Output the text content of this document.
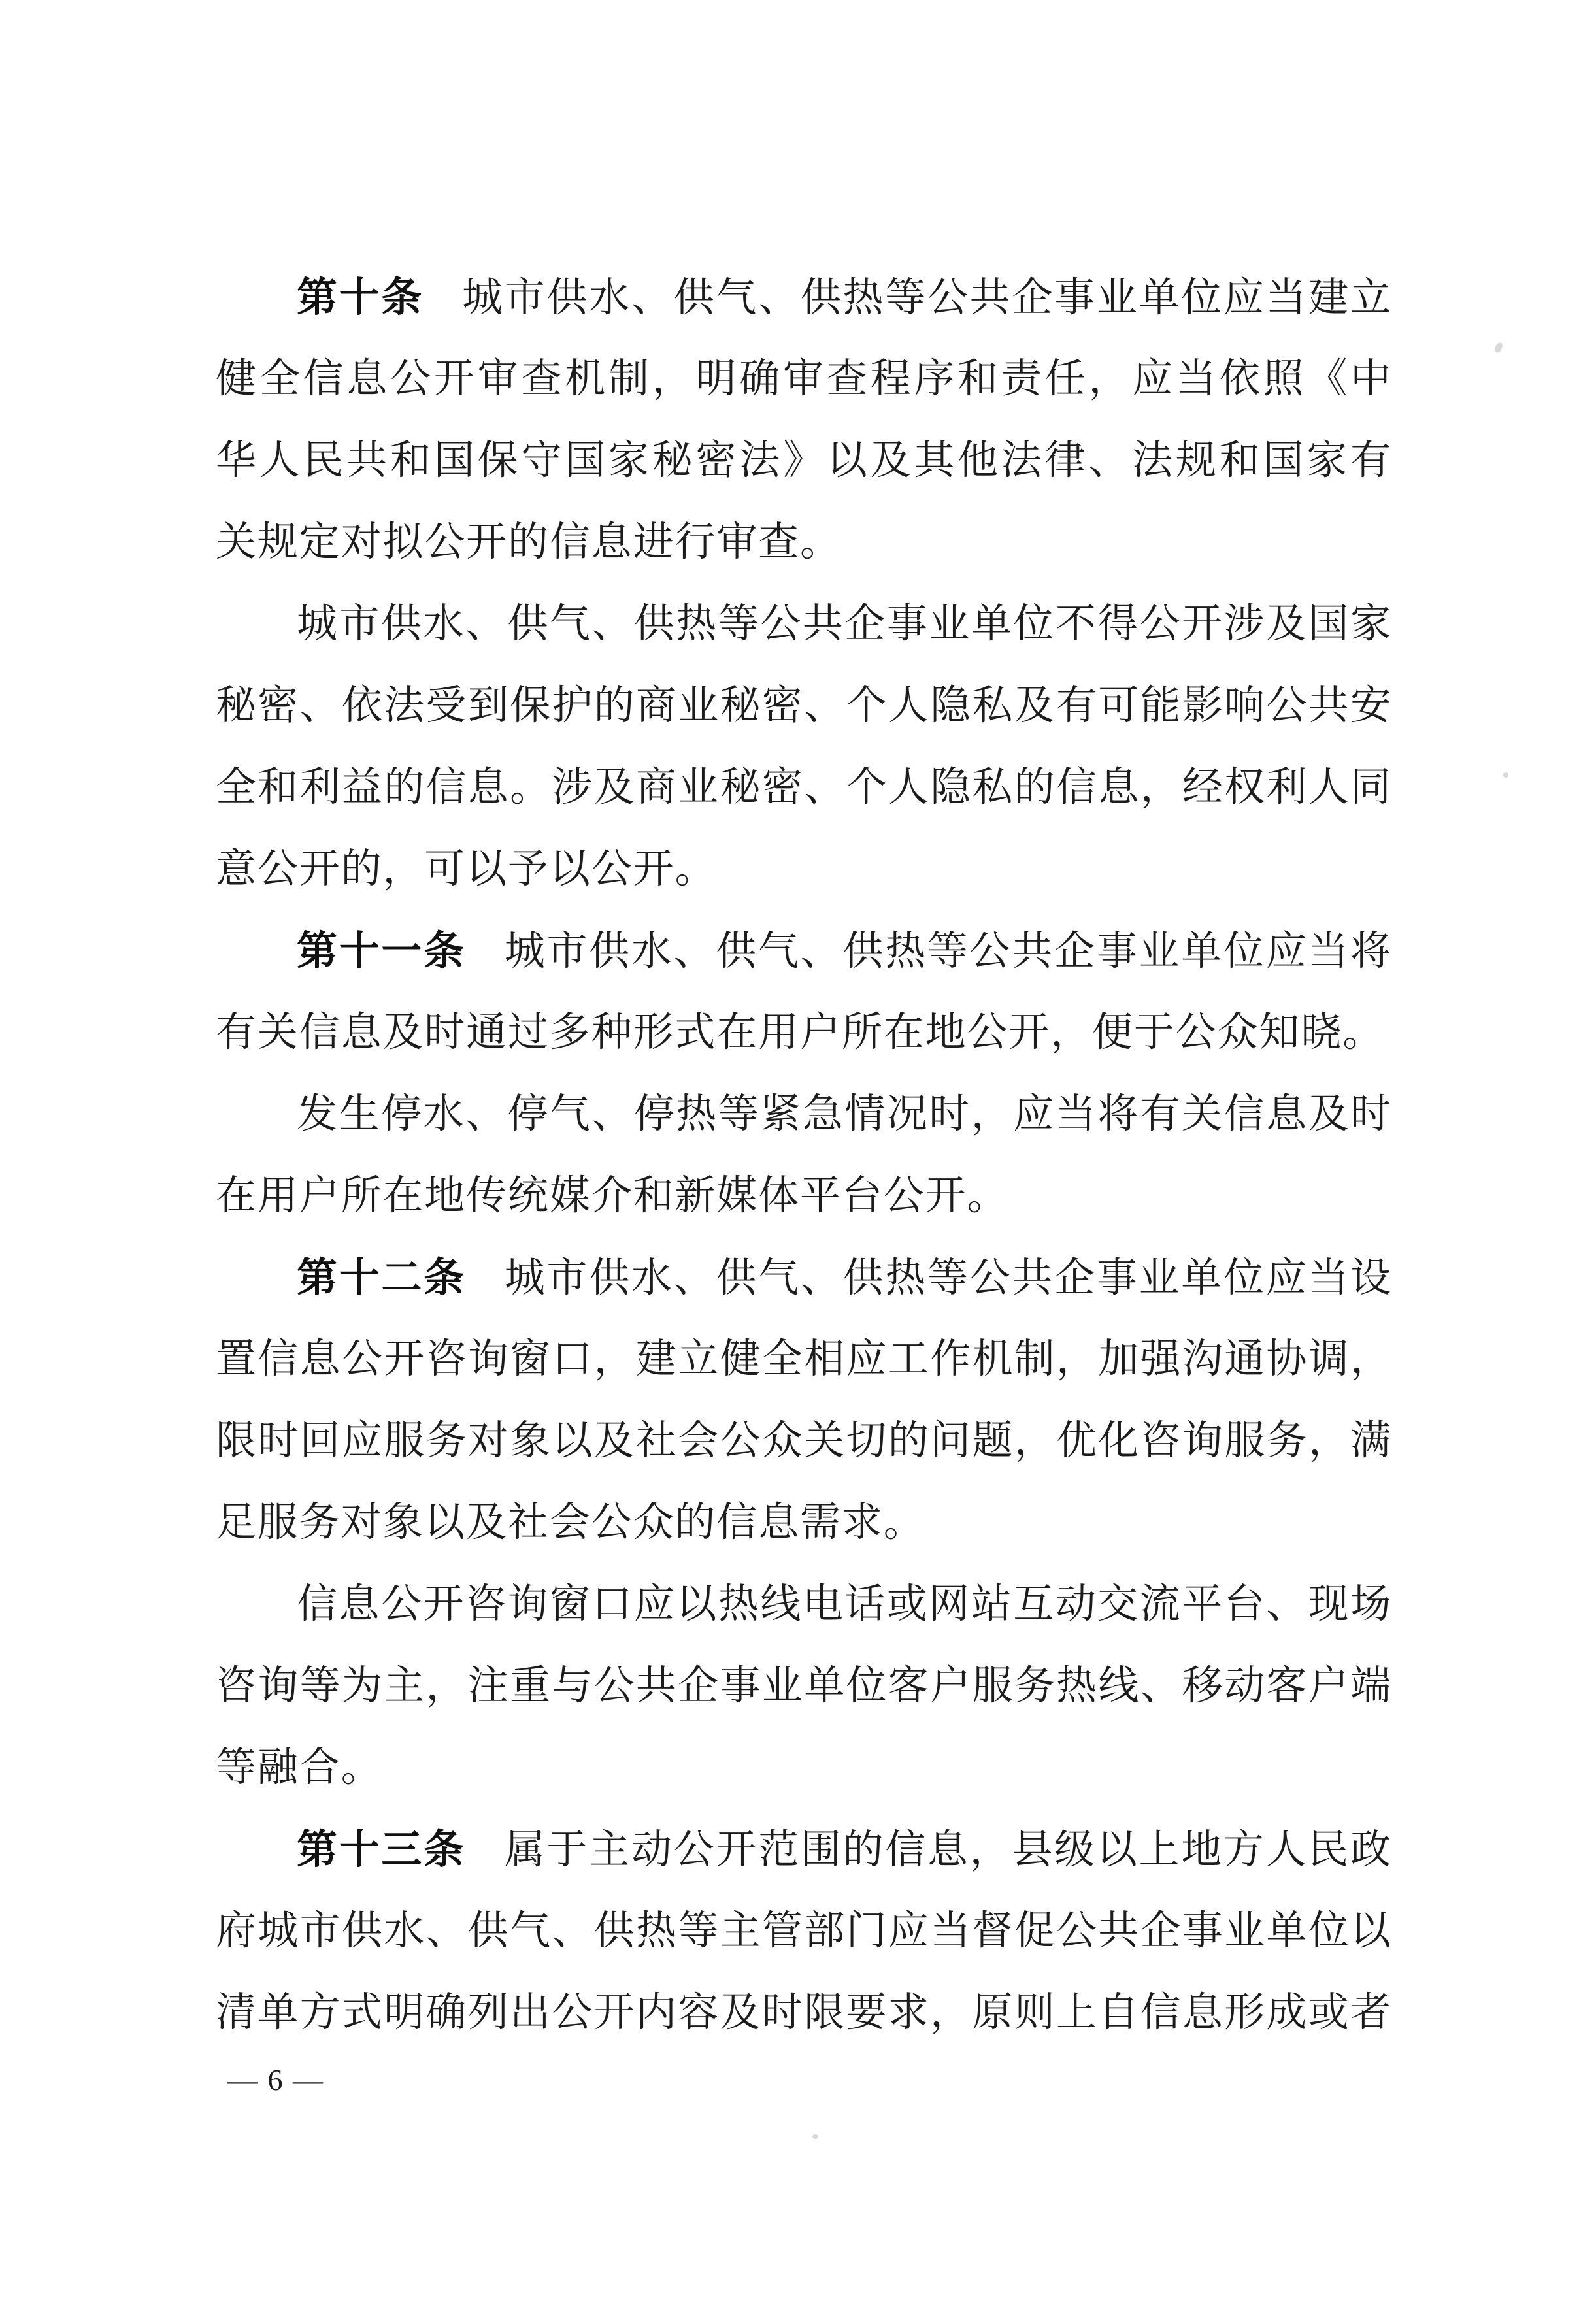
第十条 城市供水、供气、供热等公共企事业单位应当建立
健全信息公开审查机制，明确审查程序和责任，应当依照《中
华人民共和国保守国家秘密法》以及其他法律、法规和国家有
关规定对拟公开的信息进行审查。
城市供水、供气、供热等公共企事业单位不得公开涉及国家
秘密、依法受到保护的商业秘密、个人隐私及有可能影响公共安
全和利益的信息。涉及商业秘密、个人隐私的信息，经权利人同
意公开的，可以予以公开。
第十一条 城市供水、供气、供热等公共企事业单位应当将
有关信息及时通过多种形式在用户所在地公开，便于公众知晓。
发生停水、停气、停热等紧急情况时，应当将有关信息及时
在用户所在地传统媒介和新媒体平台公开。
第十二条 城市供水、供气、供热等公共企事业单位应当设
置信息公开咨询窗口，建立健全相应工作机制，加强沟通协调，
限时回应服务对象以及社会公众关切的问题，优化咨询服务，满
足服务对象以及社会公众的信息需求。
信息公开咨询窗口应以热线电话或网站互动交流平台、现场
咨询等为主，注重与公共企事业单位客户服务热线、移动客户端
等融合。
第十三条 属于主动公开范围的信息，县级以上地方人民政
府城市供水、供气、供热等主管部门应当督促公共企事业单位以
清单方式明确列出公开内容及时限要求，原则上自信息形成或者
— 6 —
